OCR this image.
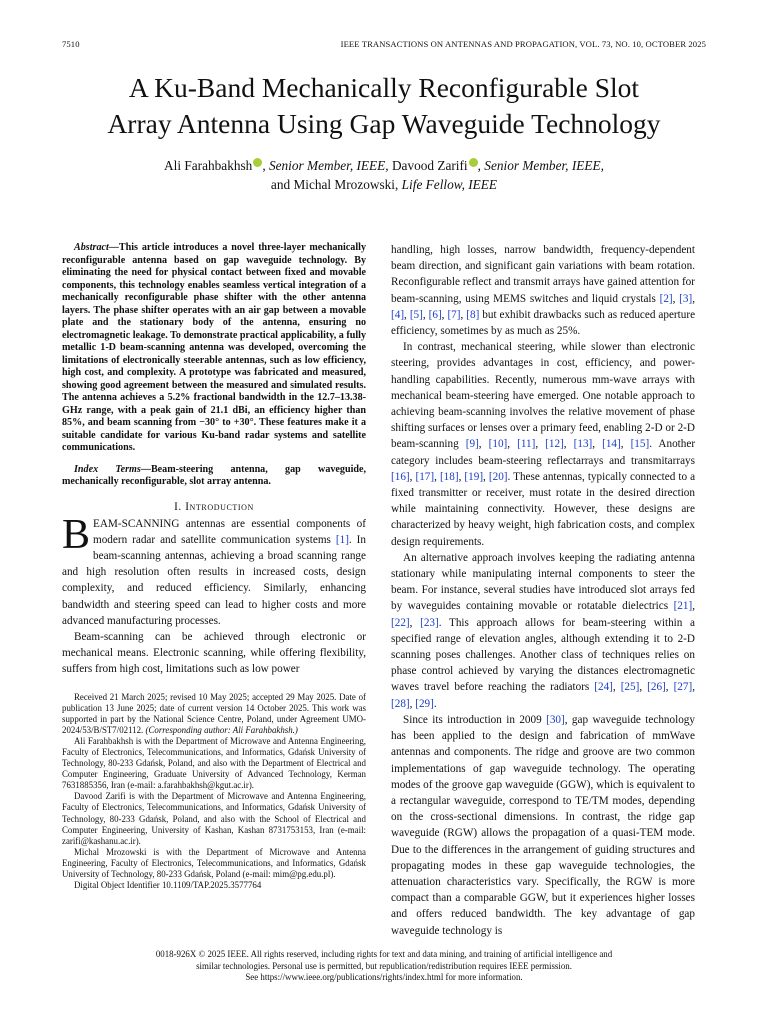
7510	IEEE TRANSACTIONS ON ANTENNAS AND PROPAGATION, VOL. 73, NO. 10, OCTOBER 2025
A Ku-Band Mechanically Reconfigurable Slot
Array Antenna Using Gap Waveguide Technology
Ali Farahbakhsh , Senior Member, IEEE, Davood Zarifi , Senior Member, IEEE,
and Michal Mrozowski, Life Fellow, IEEE

Abstract—This article introduces a novel three-layer mechanically reconfigurable antenna based on gap waveguide technology. By eliminating the need for physical contact between fixed and movable components, this technology enables seamless vertical integration of a mechanically reconfigurable phase shifter with the other antenna layers. The phase shifter operates with an air gap between a movable plate and the stationary body of the antenna, ensuring no electromagnetic leakage. To demonstrate practical applicability, a fully metallic 1-D beam-scanning antenna was developed, overcoming the limitations of electronically steerable antennas, such as low efficiency, high cost, and complexity. A prototype was fabricated and measured, showing good agreement between the measured and simulated results. The antenna achieves a 5.2% fractional bandwidth in the 12.7–13.38-GHz range, with a peak gain of 21.1 dBi, an efficiency higher than 85%, and beam scanning from −30° to +30°. These features make it a suitable candidate for various Ku-band radar systems and satellite communications.

Index Terms—Beam-steering antenna, gap waveguide, mechanically reconfigurable, slot array antenna.

I. Introduction

BEAM-SCANNING antennas are essential components of modern radar and satellite communication systems [1]. In beam-scanning antennas, achieving a broad scanning range and high resolution often results in increased costs, design complexity, and reduced efficiency. Similarly, enhancing bandwidth and steering speed can lead to higher costs and more advanced manufacturing processes.

Beam-scanning can be achieved through electronic or mechanical means. Electronic scanning, while offering flexibility, suffers from high cost, limitations such as low power

Received 21 March 2025; revised 10 May 2025; accepted 29 May 2025. Date of publication 13 June 2025; date of current version 14 October 2025. This work was supported in part by the National Science Centre, Poland, under Agreement UMO-2024/53/B/ST7/02112. (Corresponding author: Ali Farahbakhsh.)

Ali Farahbakhsh is with the Department of Microwave and Antenna Engineering, Faculty of Electronics, Telecommunications, and Informatics, Gdańsk University of Technology, 80-233 Gdańsk, Poland, and also with the Department of Electrical and Computer Engineering, Graduate University of Advanced Technology, Kerman 7631885356, Iran (e-mail: a.farahbakhsh@kgut.ac.ir).

Davood Zarifi is with the Department of Microwave and Antenna Engineering, Faculty of Electronics, Telecommunications, and Informatics, Gdańsk University of Technology, 80-233 Gdańsk, Poland, and also with the School of Electrical and Computer Engineering, University of Kashan, Kashan 8731753153, Iran (e-mail: zarifi@kashanu.ac.ir).

Michal Mrozowski is with the Department of Microwave and Antenna Engineering, Faculty of Electronics, Telecommunications, and Informatics, Gdańsk University of Technology, 80-233 Gdańsk, Poland (e-mail: mim@pg.edu.pl).

Digital Object Identifier 10.1109/TAP.2025.3577764

handling, high losses, narrow bandwidth, frequency-dependent beam direction, and significant gain variations with beam rotation. Reconfigurable reflect and transmit arrays have gained attention for beam-scanning, using MEMS switches and liquid crystals [2], [3], [4], [5], [6], [7], [8] but exhibit drawbacks such as reduced aperture efficiency, sometimes by as much as 25%.

In contrast, mechanical steering, while slower than electronic steering, provides advantages in cost, efficiency, and power-handling capabilities. Recently, numerous mm-wave arrays with mechanical beam-steering have emerged. One notable approach to achieving beam-scanning involves the relative movement of phase shifting surfaces or lenses over a primary feed, enabling 2-D or 2-D beam-scanning [9], [10], [11], [12], [13], [14], [15]. Another category includes beam-steering reflectarrays and transmitarrays [16], [17], [18], [19], [20]. These antennas, typically connected to a fixed transmitter or receiver, must rotate in the desired direction while maintaining connectivity. However, these designs are characterized by heavy weight, high fabrication costs, and complex design requirements.

An alternative approach involves keeping the radiating antenna stationary while manipulating internal components to steer the beam. For instance, several studies have introduced slot arrays fed by waveguides containing movable or rotatable dielectrics [21], [22], [23]. This approach allows for beam-steering within a specified range of elevation angles, although extending it to 2-D scanning poses challenges. Another class of techniques relies on phase control achieved by varying the distances electromagnetic waves travel before reaching the radiators [24], [25], [26], [27], [28], [29].

Since its introduction in 2009 [30], gap waveguide technology has been applied to the design and fabrication of mmWave antennas and components. The ridge and groove are two common implementations of gap waveguide technology. The operating modes of the groove gap waveguide (GGW), which is equivalent to a rectangular waveguide, correspond to TE/TM modes, depending on the cross-sectional dimensions. In contrast, the ridge gap waveguide (RGW) allows the propagation of a quasi-TEM mode. Due to the differences in the arrangement of guiding structures and propagating modes in these gap waveguide technologies, the attenuation characteristics vary. Specifically, the RGW is more compact than a comparable GGW, but it experiences higher losses and offers reduced bandwidth. The key advantage of gap waveguide technology is

0018-926X © 2025 IEEE. All rights reserved, including rights for text and data mining, and training of artificial intelligence and
similar technologies. Personal use is permitted, but republication/redistribution requires IEEE permission.
See https://www.ieee.org/publications/rights/index.html for more information.
